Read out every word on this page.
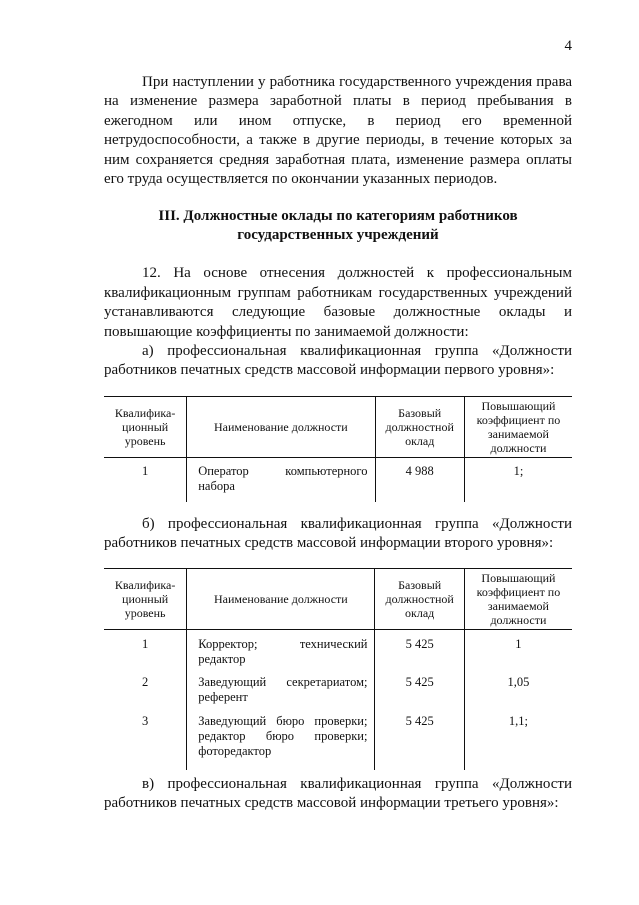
4

При наступлении у работника государственного учреждения права на изменение размера заработной платы в период пребывания в ежегодном или ином отпуске, в период его временной нетрудоспособности, а также в другие периоды, в течение которых за ним сохраняется средняя заработная плата, изменение размера оплаты его труда осуществляется по окончании указанных периодов.

III. Должностные оклады по категориям работников

государственных учреждений

12. На основе отнесения должностей к профессиональным квалификационным группам работникам государственных учреждений устанавливаются следующие базовые должностные оклады и повышающие коэффициенты по занимаемой должности:

а) профессиональная квалификационная группа «Должности работников печатных средств массовой информации первого уровня»:

Квалифика-ционный уровень	Наименование должности	Базовый должностной оклад	Повышающий коэффициент по занимаемой должности
1	Оператор компьютерного набора	4 988	1;

б) профессиональная квалификационная группа «Должности работников печатных средств массовой информации второго уровня»:

Квалифика-ционный уровень	Наименование должности	Базовый должностной оклад	Повышающий коэффициент по занимаемой должности
1	Корректор; технический редактор	5 425	1
2	Заведующий секретариатом; референт	5 425	1,05
3	Заведующий бюро проверки; редактор бюро проверки; фоторедактор	5 425	1,1;

в) профессиональная квалификационная группа «Должности работников печатных средств массовой информации третьего уровня»:
